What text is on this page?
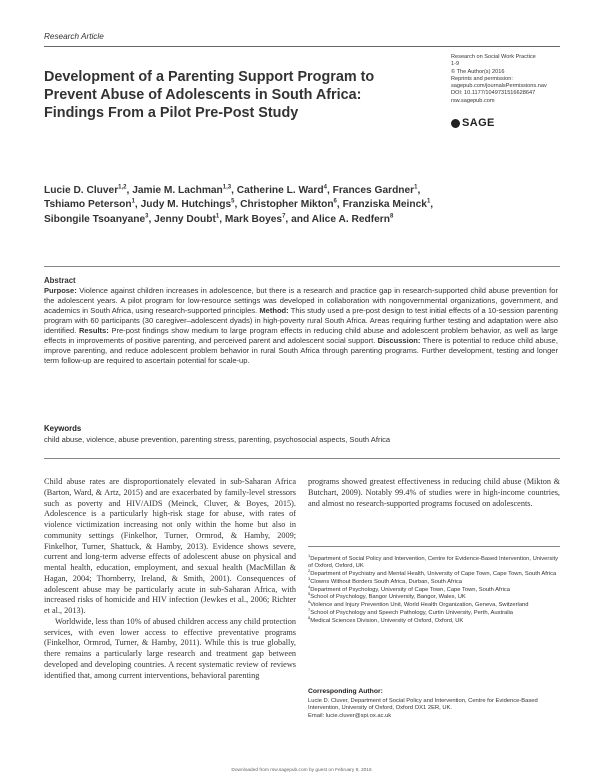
Research Article
Research on Social Work Practice
1-9
© The Author(s) 2016
Reprints and permission:
sagepub.com/journalsPermissions.nav
DOI: 10.1177/1049731516628647
rsw.sagepub.com
SAGE
Development of a Parenting Support Program to Prevent Abuse of Adolescents in South Africa: Findings From a Pilot Pre-Post Study
Lucie D. Cluver$^{1,2}$, Jamie M. Lachman$^{1,3}$, Catherine L. Ward$^4$, Frances Gardner$^1$, Tshiamo Peterson$^1$, Judy M. Hutchings$^5$, Christopher Mikton$^6$, Franziska Meinck$^1$, Sibongile Tsoanyane$^3$, Jenny Doubt$^1$, Mark Boyes$^7$, and Alice A. Redfern$^8$
Abstract
Purpose: Violence against children increases in adolescence, but there is a research and practice gap in research-supported child abuse prevention for the adolescent years. A pilot program for low-resource settings was developed in collaboration with nongovernmental organizations, government, and academics in South Africa, using research-supported principles. Method: This study used a pre-post design to test initial effects of a 10-session parenting program with 60 participants (30 caregiver–adolescent dyads) in high-poverty rural South Africa. Areas requiring further testing and adaptation were also identified. Results: Pre-post findings show medium to large program effects in reducing child abuse and adolescent problem behavior, as well as large effects in improvements of positive parenting, and perceived parent and adolescent social support. Discussion: There is potential to reduce child abuse, improve parenting, and reduce adolescent problem behavior in rural South Africa through parenting programs. Further development, testing and longer term follow-up are required to ascertain potential for scale-up.
Keywords
child abuse, violence, abuse prevention, parenting stress, parenting, psychosocial aspects, South Africa

Child abuse rates are disproportionately elevated in sub-Saharan Africa (Barton, Ward, & Artz, 2015) and are exacerbated by family-level stressors such as poverty and HIV/AIDS (Meinck, Cluver, & Boyes, 2015). Adolescence is a particularly high-risk stage for abuse, with rates of violence victimization increasing not only within the home but also in community settings (Finkelhor, Turner, Ormrod, & Hamby, 2009; Finkelhor, Turner, Shattuck, & Hamby, 2013). Evidence shows severe, current and long-term adverse effects of adolescent abuse on physical and mental health, education, employment, and sexual health (MacMillan & Hagan, 2004; Thornberry, Ireland, & Smith, 2001). Consequences of adolescent abuse may be particularly acute in sub-Saharan Africa, with increased risks of homicide and HIV infection (Jewkes et al., 2006; Richter et al., 2013).

Worldwide, less than 10% of abused children access any child protection services, with even lower access to effective preventative programs (Finkelhor, Ormrod, Turner, & Hamby, 2011). While this is true globally, there remains a particularly large research and treatment gap between developed and developing countries. A recent systematic review of reviews identified that, among current interventions, behavioral parenting

programs showed greatest effectiveness in reducing child abuse (Mikton & Butchart, 2009). Notably 99.4% of studies were in high-income countries, and almost no research-supported programs focused on adolescents.

$^1$Department of Social Policy and Intervention, Centre for Evidence-Based Intervention, University of Oxford, Oxford, UK
$^2$Department of Psychiatry and Mental Health, University of Cape Town, Cape Town, South Africa
$^3$Clowns Without Borders South Africa, Durban, South Africa
$^4$Department of Psychology, University of Cape Town, Cape Town, South Africa
$^5$School of Psychology, Bangor University, Bangor, Wales, UK
$^6$Violence and Injury Prevention Unit, World Health Organization, Geneva, Switzerland
$^7$School of Psychology and Speech Pathology, Curtin University, Perth, Australia
$^8$Medical Sciences Division, University of Oxford, Oxford, UK
Corresponding Author:
Lucie D. Cluver, Department of Social Policy and Intervention, Centre for Evidence-Based Intervention, University of Oxford, Oxford OX1 2ER, UK.
Email: lucie.cluver@spi.ox.ac.uk
Downloaded from rsw.sagepub.com by guest on February 9, 2016
